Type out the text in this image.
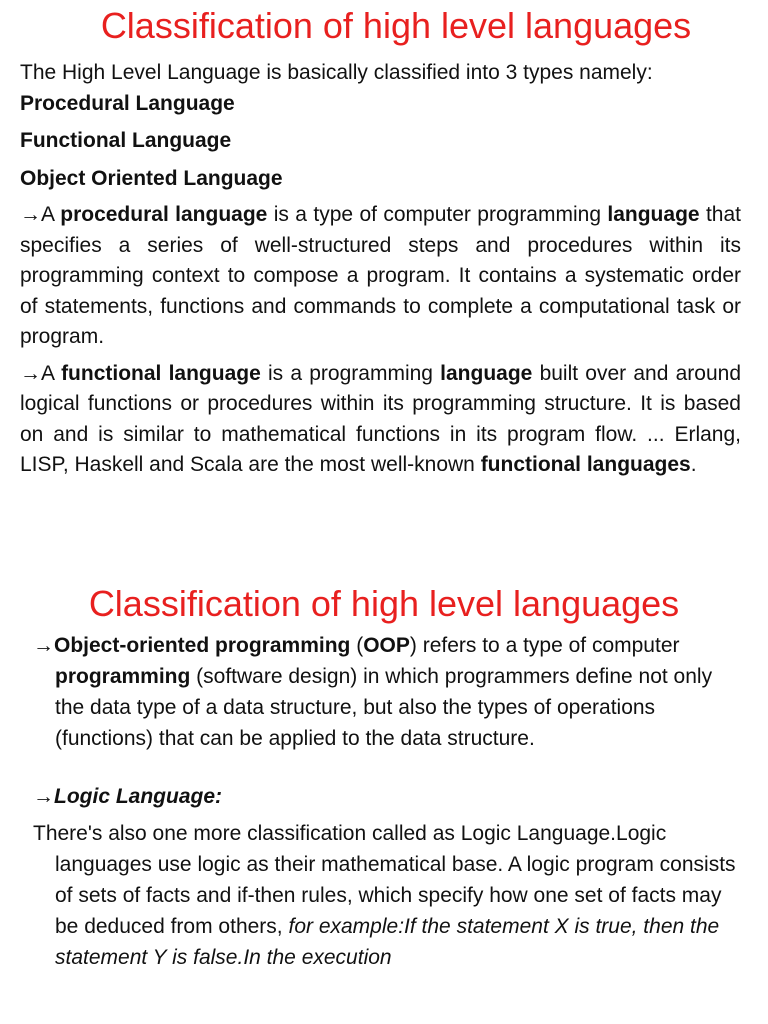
Classification of high level languages

The High Level Language is basically classified into 3 types namely:

Procedural Language

Functional Language

Object Oriented Language

→A procedural language is a type of computer programming language that specifies a series of well-structured steps and procedures within its programming context to compose a program. It contains a systematic order of statements, functions and commands to complete a computational task or program.

→A functional language is a programming language built over and around logical functions or procedures within its programming structure. It is based on and is similar to mathematical functions in its program flow. ... Erlang, LISP, Haskell and Scala are the most well-known functional languages.

Classification of high level languages

→Object-oriented programming (OOP) refers to a type of computer programming (software design) in which programmers define not only the data type of a data structure, but also the types of operations (functions) that can be applied to the data structure.

→Logic Language:

There's also one more classification called as Logic Language.Logic languages use logic as their mathematical base. A logic program consists of sets of facts and if-then rules, which specify how one set of facts may be deduced from others, for example:If the statement X is true, then the statement Y is false.In the execution
